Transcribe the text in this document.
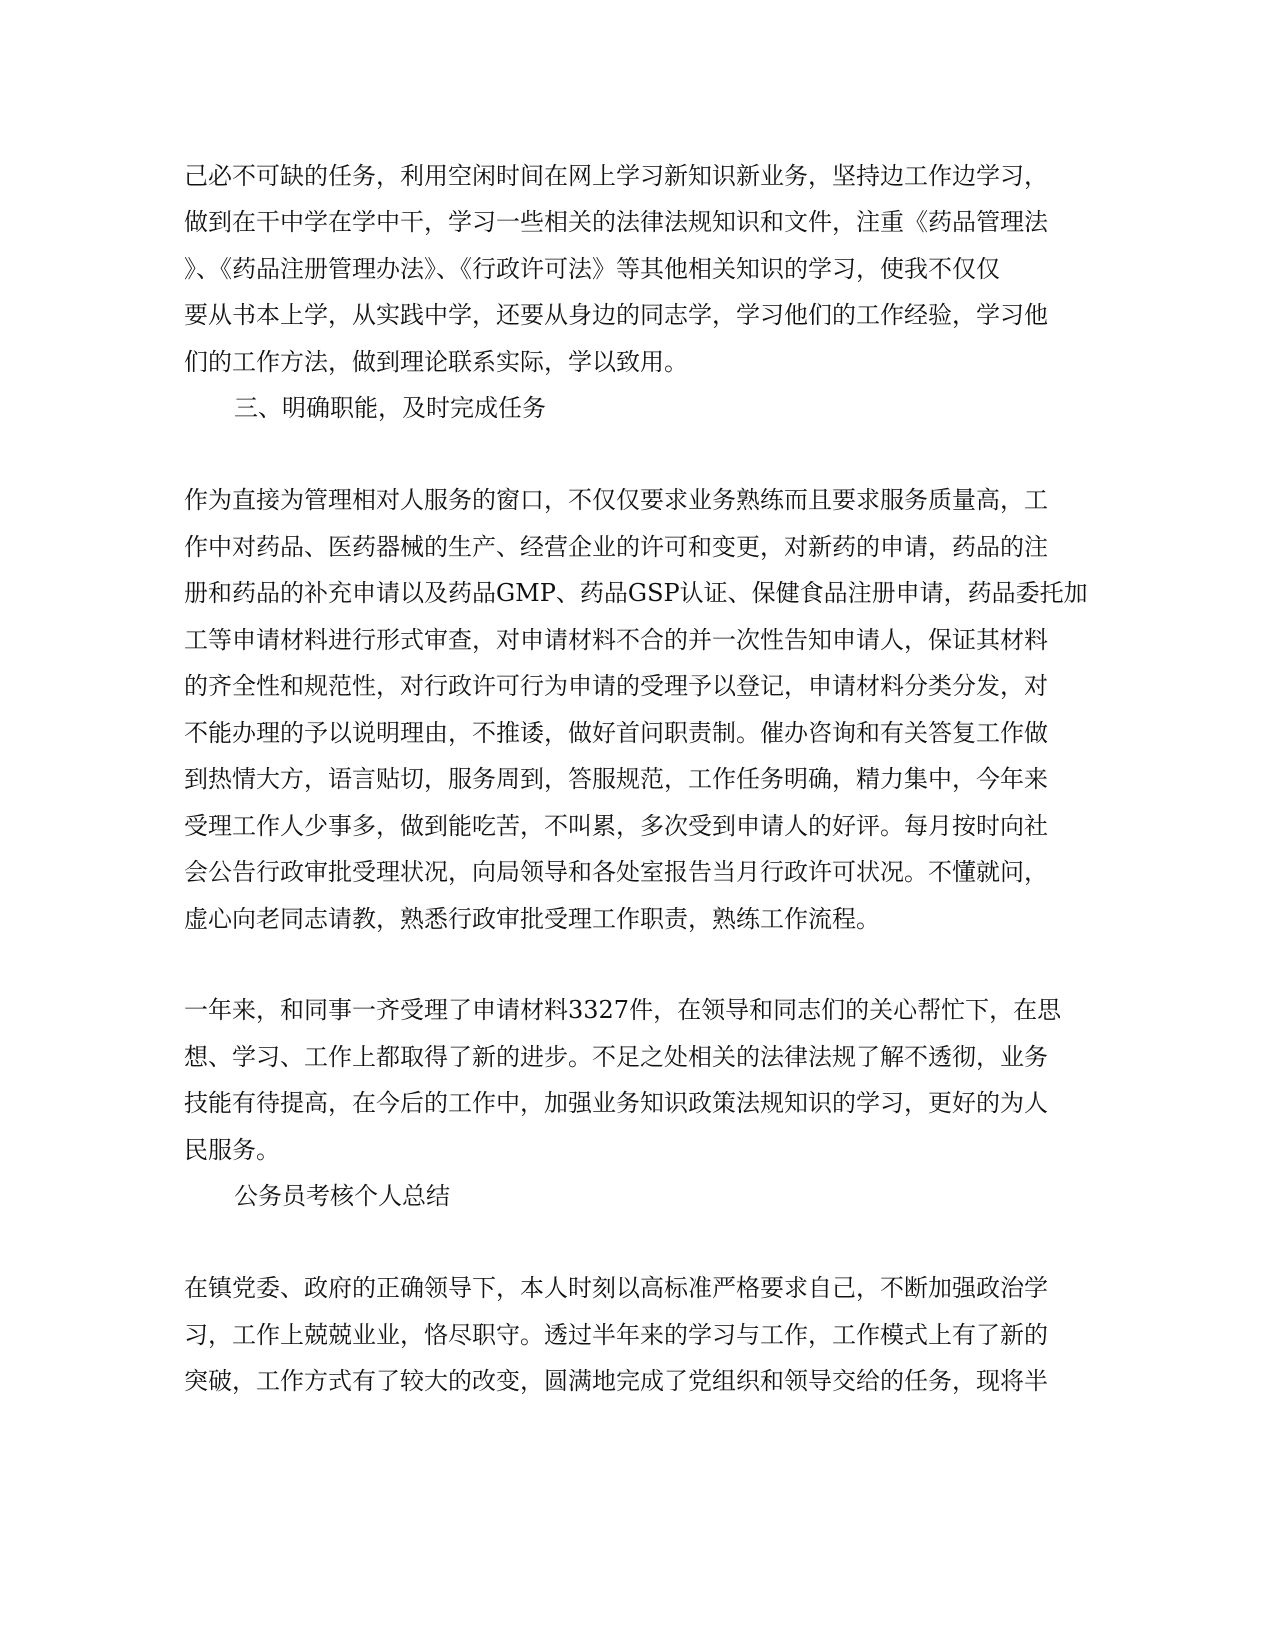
己必不可缺的任务，利用空闲时间在网上学习新知识新业务，坚持边工作边学习，
做到在干中学在学中干，学习一些相关的法律法规知识和文件，注重《药品管理法
》、《药品注册管理办法》、《行政许可法》等其他相关知识的学习，使我不仅仅
要从书本上学，从实践中学，还要从身边的同志学，学习他们的工作经验，学习他
们的工作方法，做到理论联系实际，学以致用。
三、明确职能，及时完成任务
作为直接为管理相对人服务的窗口，不仅仅要求业务熟练而且要求服务质量高，工
作中对药品、医药器械的生产、经营企业的许可和变更，对新药的申请，药品的注
册和药品的补充申请以及药品GMP、药品GSP认证、保健食品注册申请，药品委托加
工等申请材料进行形式审查，对申请材料不合的并一次性告知申请人，保证其材料
的齐全性和规范性，对行政许可行为申请的受理予以登记，申请材料分类分发，对
不能办理的予以说明理由，不推诿，做好首问职责制。催办咨询和有关答复工作做
到热情大方，语言贴切，服务周到，答服规范，工作任务明确，精力集中，今年来
受理工作人少事多，做到能吃苦，不叫累，多次受到申请人的好评。每月按时向社
会公告行政审批受理状况，向局领导和各处室报告当月行政许可状况。不懂就问，
虚心向老同志请教，熟悉行政审批受理工作职责，熟练工作流程。
一年来，和同事一齐受理了申请材料3327件，在领导和同志们的关心帮忙下，在思
想、学习、工作上都取得了新的进步。不足之处相关的法律法规了解不透彻，业务
技能有待提高，在今后的工作中，加强业务知识政策法规知识的学习，更好的为人
民服务。
公务员考核个人总结
在镇党委、政府的正确领导下，本人时刻以高标准严格要求自己，不断加强政治学
习，工作上兢兢业业，恪尽职守。透过半年来的学习与工作，工作模式上有了新的
突破，工作方式有了较大的改变，圆满地完成了党组织和领导交给的任务，现将半
